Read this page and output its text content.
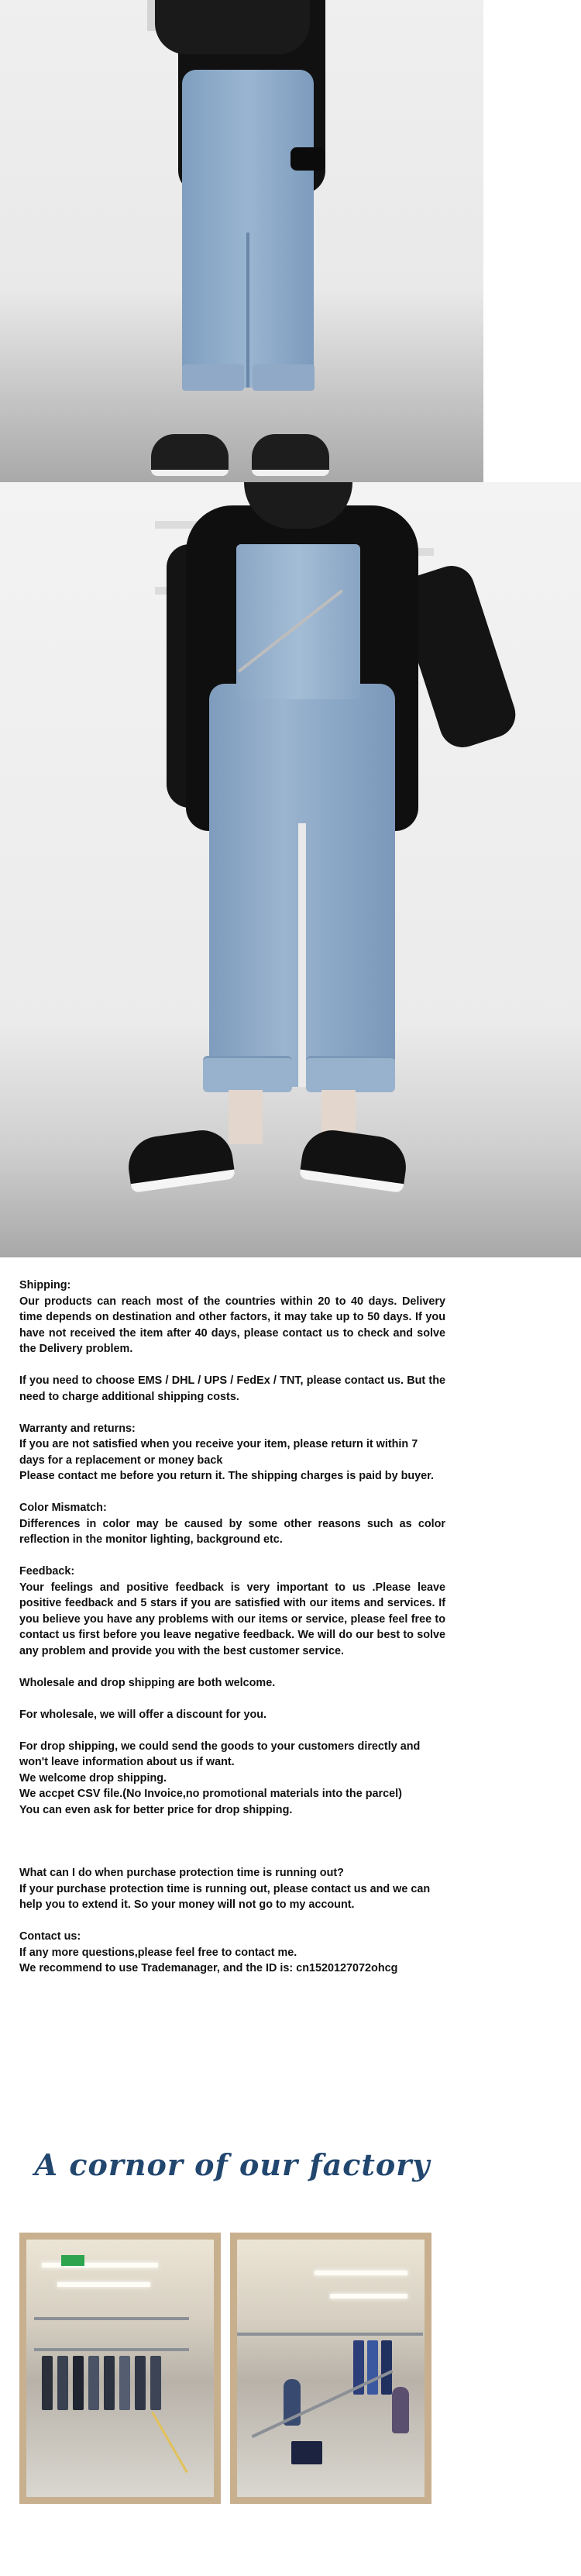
Shipping:

Our products can reach most of the countries within 20 to 40 days. Delivery time depends on destination and other factors, it may take up to 50 days. If you have not received the item after 40 days, please contact us to check and solve the Delivery problem.

If you need to choose EMS / DHL / UPS / FedEx / TNT, please contact us. But the need to charge additional shipping costs.

Warranty and returns:

If you are not satisfied when you receive your item, please return it within 7 days for a replacement or money back

Please contact me before you return it. The shipping charges is paid by buyer.

Color Mismatch:

Differences in color may be caused by some other reasons such as color reflection in the monitor lighting, background etc.

Feedback:

Your feelings and positive feedback is very important to us .Please leave positive feedback and 5 stars if you are satisfied with our items and services. If you believe you have any problems with our items or service, please feel free to contact us first before you leave negative feedback. We will do our best to solve any problem and provide you with the best customer service.

Wholesale and drop shipping are both welcome.

For wholesale, we will offer a discount for you.

For drop shipping, we could send the goods to your customers directly and won't leave information about us if want.

We welcome drop shipping.

We accpet CSV file.(No Invoice,no promotional materials into the parcel)

You can even ask for better price for drop shipping.

What can I do when purchase protection time is running out?

If your purchase protection time is running out, please contact us and we can help you to extend it. So your money will not go to my account.

Contact us:

If any more questions,please feel free to contact me.

We recommend to use Trademanager, and the ID is: cn1520127072ohcg

A cornor of our factory
